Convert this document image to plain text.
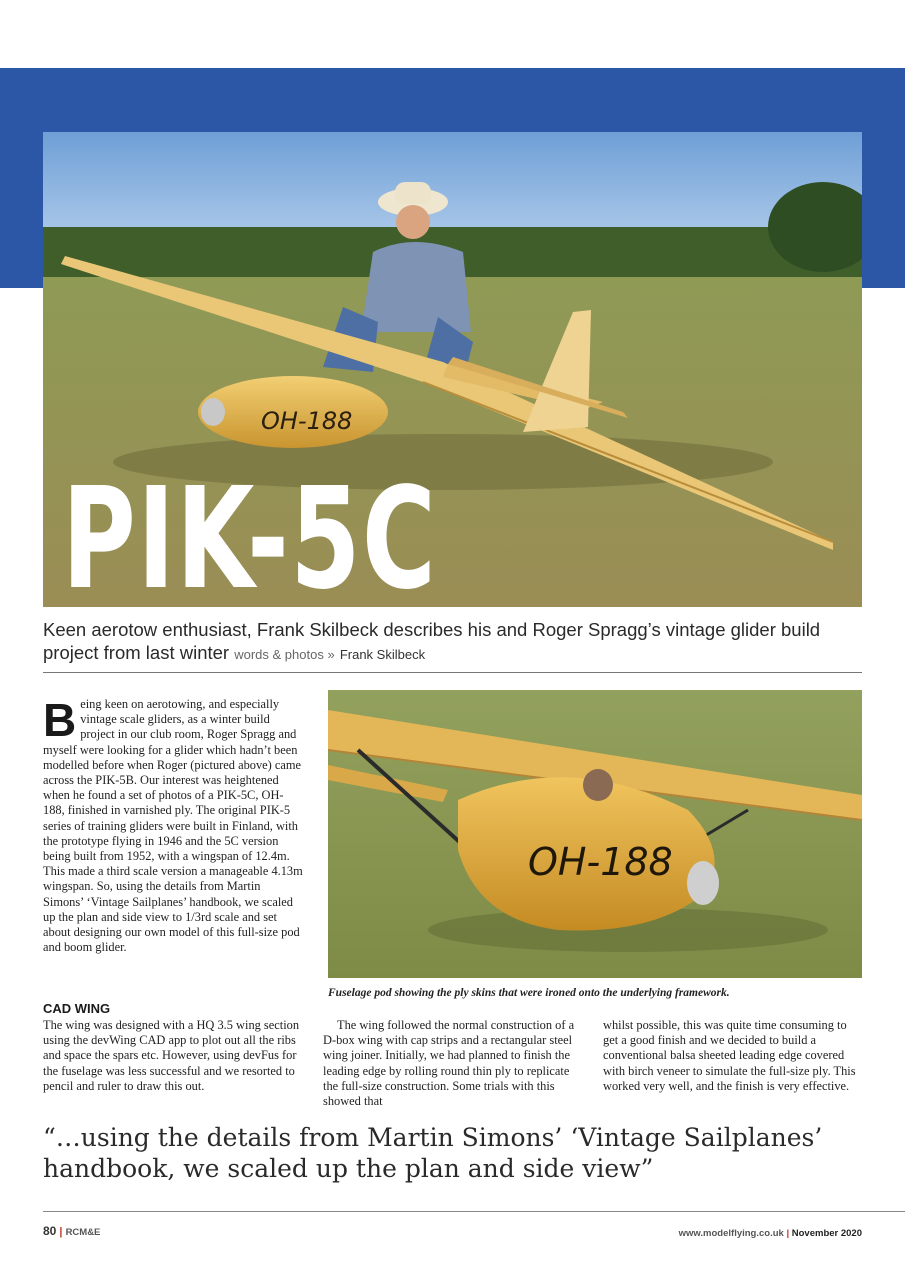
OH-188
PIK-5C
Keen aerotow enthusiast, Frank Skilbeck describes his and Roger Spragg’s vintage glider build project from last winter words & photos » Frank Skilbeck
Being keen on aerotowing, and especially vintage scale gliders, as a winter build project in our club room, Roger Spragg and myself were looking for a glider which hadn’t been modelled before when Roger (pictured above) came across the PIK-5B. Our interest was heightened when he found a set of photos of a PIK-5C, OH-188, finished in varnished ply. The original PIK-5 series of training gliders were built in Finland, with the prototype flying in 1946 and the 5C version being built from 1952, with a wingspan of 12.4m. This made a third scale version a manageable 4.13m wingspan. So, using the details from Martin Simons’ ‘Vintage Sailplanes’ handbook, we scaled up the plan and side view to 1/3rd scale and set about designing our own model of this full-size pod and boom glider.
CAD WING
The wing was designed with a HQ 3.5 wing section using the devWing CAD app to plot out all the ribs and space the spars etc. However, using devFus for the fuselage was less successful and we resorted to pencil and ruler to draw this out.
OH-188
Fuselage pod showing the ply skins that were ironed onto the underlying framework.
The wing followed the normal construction of a D-box wing with cap strips and a rectangular steel wing joiner. Initially, we had planned to finish the leading edge by rolling round thin ply to replicate the full-size construction. Some trials with this showed that
whilst possible, this was quite time consuming to get a good finish and we decided to build a conventional balsa sheeted leading edge covered with birch veneer to simulate the full-size ply. This worked very well, and the finish is very effective.
“…using the details from Martin Simons’ ‘Vintage Sailplanes’ handbook, we scaled up the plan and side view”
80 | RCM&E	www.modelflying.co.uk | November 2020
